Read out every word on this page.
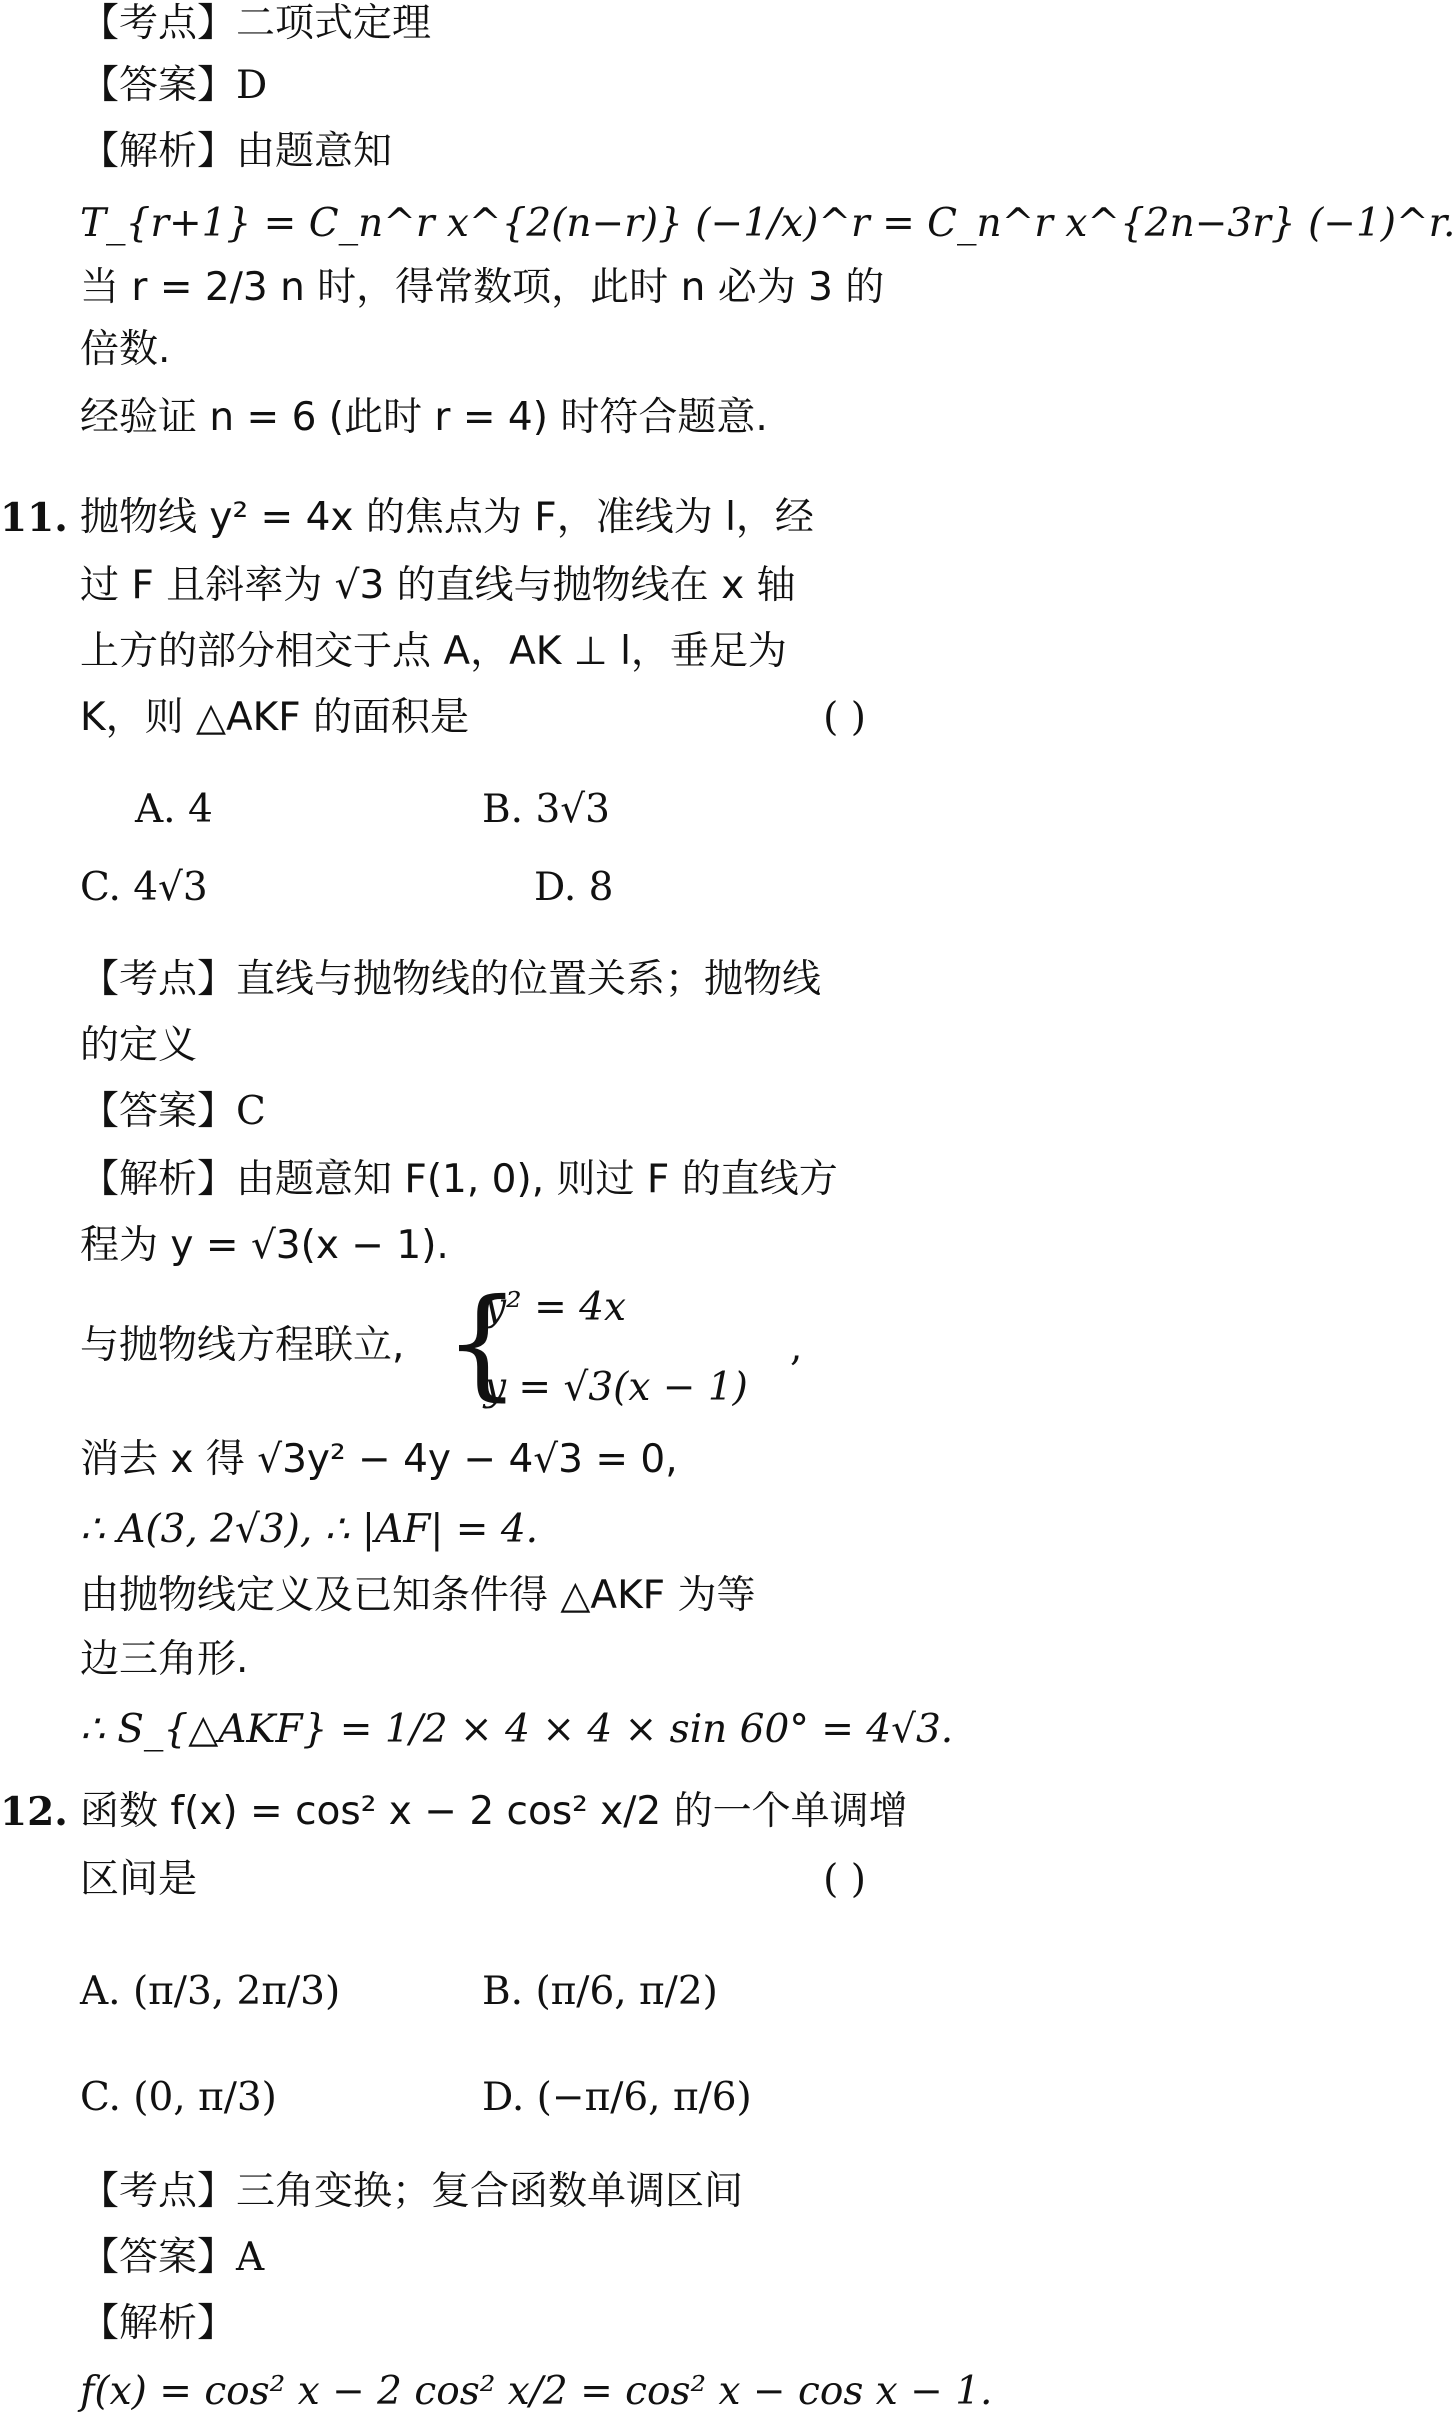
【考点】二项式定理
【答案】D
【解析】由题意知
T_{r+1} = C_n^r x^{2(n−r)} (−1/x)^r = C_n^r x^{2n−3r} (−1)^r.
当 r = 2/3 n 时，得常数项，此时 n 必为 3 的
倍数.
经验证 n = 6 (此时 r = 4) 时符合题意.
11. 抛物线 y² = 4x 的焦点为 F，准线为 l，经
过 F 且斜率为 √3 的直线与抛物线在 x 轴
上方的部分相交于点 A，AK ⊥ l，垂足为
K，则 △AKF 的面积是	( )
A. 4	B. 3√3
C. 4√3	D. 8
【考点】直线与抛物线的位置关系；抛物线
的定义
【答案】C
【解析】由题意知 F(1, 0), 则过 F 的直线方
程为 y = √3(x − 1).
与抛物线方程联立, {
y² = 4x
y = √3(x − 1)
,
消去 x 得 √3y² − 4y − 4√3 = 0,
∴ A(3, 2√3), ∴ |AF| = 4.
由抛物线定义及已知条件得 △AKF 为等
边三角形.
∴ S_{△AKF} = 1/2 × 4 × 4 × sin 60° = 4√3.
12. 函数 f(x) = cos² x − 2 cos² x/2 的一个单调增
区间是	( )
A. (π/3, 2π/3)	B. (π/6, π/2)
C. (0, π/3)	D. (−π/6, π/6)
【考点】三角变换；复合函数单调区间
【答案】A
【解析】
f(x) = cos² x − 2 cos² x/2 = cos² x − cos x − 1.
